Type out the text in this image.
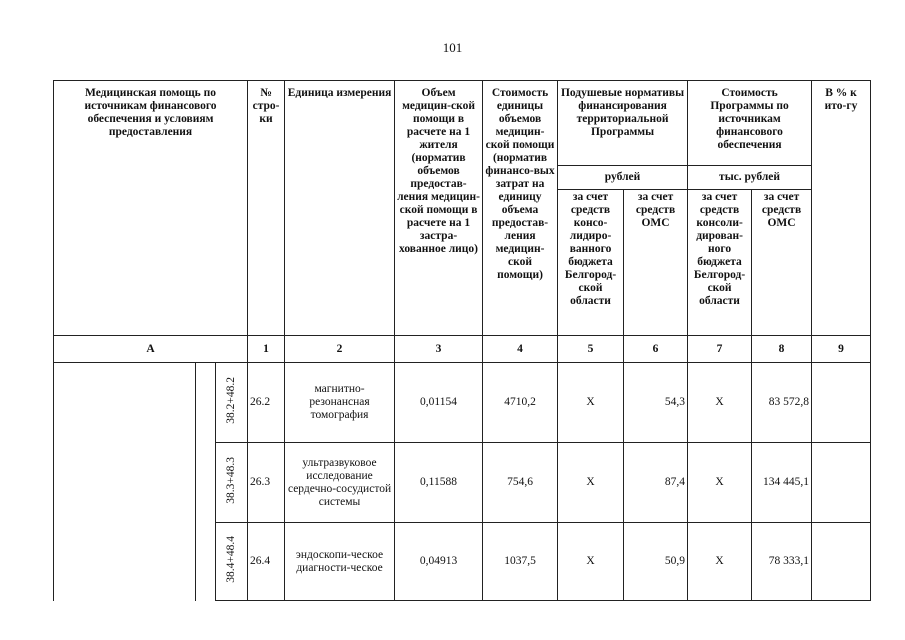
101
Медицинская помощь по источникам финансового обеспечения и условиям предоставления			№ стро-ки	Единица измерения	Объем медицин-ской помощи в расчете на 1 жителя (норматив объемов предостав-ления медицин-ской помощи в расчете на 1 застра-хованное лицо)	Стоимость единицы объемов медицин-ской помощи (норматив финансо-вых затрат на единицу объема предостав-ления медицин-ской помощи)	Подушевые нормативы финансирования территориальной Программы		Стоимость Программы по источникам финансового обеспечения		В % к ито-гу
							рублей		тыс. рублей		
							за счет средств консо-лидиро-ванного бюджета Белгород-ской области	за счет средств ОМС	за счет средств консоли-дирован-ного бюджета Белгород-ской области	за счет средств ОМС	
А			1	2	3	4	5	6	7	8	9
		38.2+48.2	26.2	магнитно-резонансная томография	0,01154	4710,2	X	54,3	X	83 572,8	
		38.3+48.3	26.3	ультразвуковое исследование сердечно-сосудистой системы	0,11588	754,6	X	87,4	X	134 445,1	
		38.4+48.4	26.4	эндоскопи-ческое диагности-ческое	0,04913	1037,5	X	50,9	X	78 333,1	
